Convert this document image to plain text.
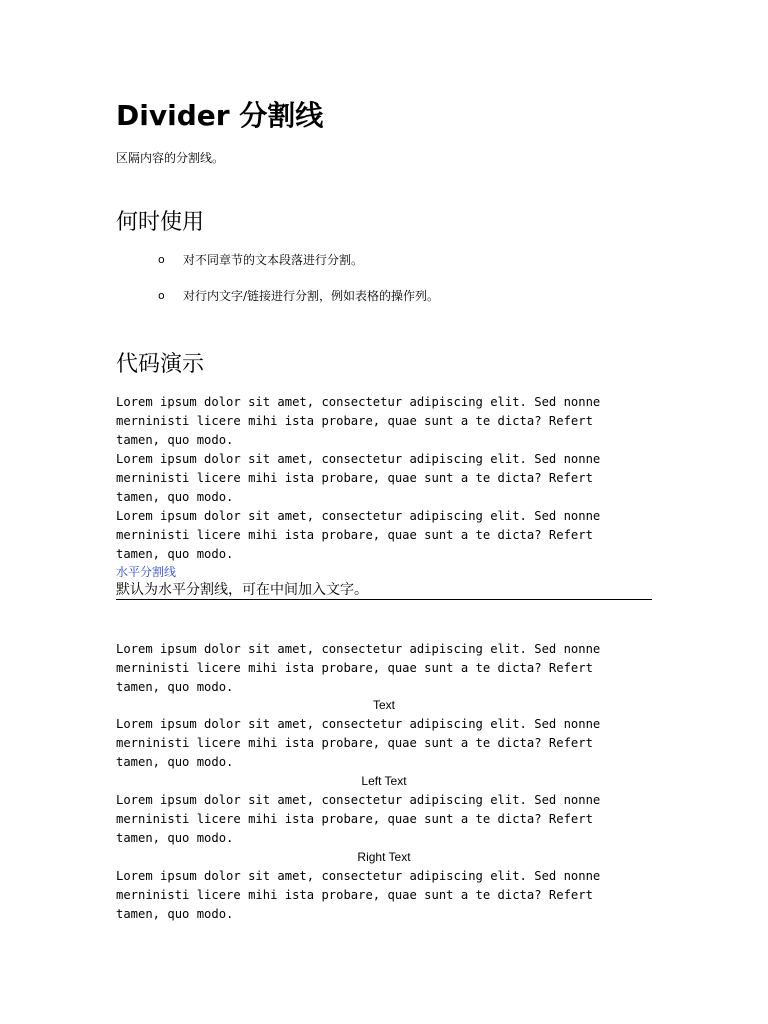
Divider 分割线

区隔内容的分割线。

何时使用
o 对不同章节的文本段落进行分割。
o 对行内文字/链接进行分割，例如表格的操作列。
代码演示

Lorem ipsum dolor sit amet, consectetur adipiscing elit. Sed nonne
merninisti licere mihi ista probare, quae sunt a te dicta? Refert
tamen, quo modo.

Lorem ipsum dolor sit amet, consectetur adipiscing elit. Sed nonne
merninisti licere mihi ista probare, quae sunt a te dicta? Refert
tamen, quo modo.

Lorem ipsum dolor sit amet, consectetur adipiscing elit. Sed nonne
merninisti licere mihi ista probare, quae sunt a te dicta? Refert
tamen, quo modo.

水平分割线

默认为水平分割线，可在中间加入文字。

Lorem ipsum dolor sit amet, consectetur adipiscing elit. Sed nonne
merninisti licere mihi ista probare, quae sunt a te dicta? Refert
tamen, quo modo.

Text

Lorem ipsum dolor sit amet, consectetur adipiscing elit. Sed nonne
merninisti licere mihi ista probare, quae sunt a te dicta? Refert
tamen, quo modo.

Left Text

Lorem ipsum dolor sit amet, consectetur adipiscing elit. Sed nonne
merninisti licere mihi ista probare, quae sunt a te dicta? Refert
tamen, quo modo.

Right Text

Lorem ipsum dolor sit amet, consectetur adipiscing elit. Sed nonne
merninisti licere mihi ista probare, quae sunt a te dicta? Refert
tamen, quo modo.
